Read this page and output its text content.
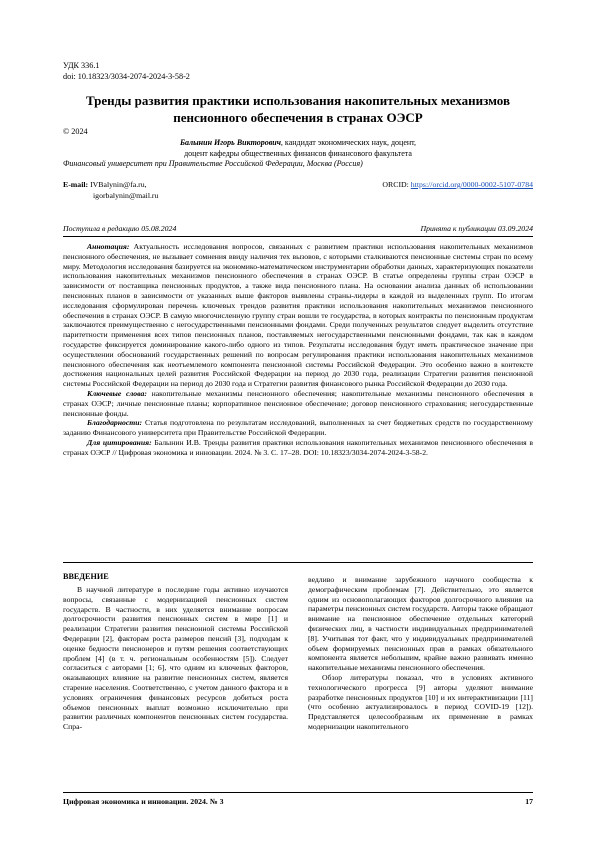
УДК 336.1
doi: 10.18323/3034-2074-2024-3-58-2
Тренды развития практики использования накопительных механизмов пенсионного обеспечения в странах ОЭСР
© 2024
Балынин Игорь Викторович, кандидат экономических наук, доцент,
доцент кафедры общественных финансов финансового факультета
Финансовый университет при Правительстве Российской Федерации, Москва (Россия)
E-mail: IVBalynin@fa.ru,
igorbalynin@mail.ru
ORCID: https://orcid.org/0000-0002-5107-0784
Поступила в редакцию 05.08.2024	Принята к публикации 03.09.2024

Аннотация: Актуальность исследования вопросов, связанных с развитием практики использования накопительных механизмов пенсионного обеспечения, не вызывает сомнения ввиду наличия тех вызовов, с которыми сталкиваются пенсионные системы стран по всему миру. Методология исследования базируется на экономико-математическом инструментарии обработки данных, характеризующих показатели использования накопительных механизмов пенсионного обеспечения в странах ОЭСР. В статье определены группы стран ОЭСР в зависимости от поставщика пенсионных продуктов, а также вида пенсионного плана. На основании анализа данных об использовании пенсионных планов в зависимости от указанных выше факторов выявлены страны-лидеры в каждой из выделенных групп. По итогам исследования сформулирован перечень ключевых трендов развития практики использования накопительных механизмов пенсионного обеспечения в странах ОЭСР. В самую многочисленную группу стран вошли те государства, в которых контракты по пенсионным продуктам заключаются преимущественно с негосударственными пенсионными фондами. Среди полученных результатов следует выделить отсутствие паритетности применения всех типов пенсионных планов, поставляемых негосударственными пенсионными фондами, так как в каждом государстве фиксируется доминирование какого-либо одного из типов. Результаты исследования будут иметь практическое значение при осуществлении обоснований государственных решений по вопросам регулирования практики использования накопительных механизмов пенсионного обеспечения как неотъемлемого компонента пенсионной системы Российской Федерации. Это особенно важно в контексте достижения национальных целей развития Российской Федерации на период до 2030 года, реализации Стратегии развития пенсионной системы Российской Федерации на период до 2030 года и Стратегии развития финансового рынка Российской Федерации до 2030 года.

Ключевые слова: накопительные механизмы пенсионного обеспечения; накопительные механизмы пенсионного обеспечения в странах ОЭСР; личные пенсионные планы; корпоративное пенсионное обеспечение; договор пенсионного страхования; негосударственные пенсионные фонды.

Благодарности: Статья подготовлена по результатам исследований, выполненных за счет бюджетных средств по государственному заданию Финансового университета при Правительстве Российской Федерации.

Для цитирования: Балынин И.В. Тренды развития практики использования накопительных механизмов пенсионного обеспечения в странах ОЭСР // Цифровая экономика и инновации. 2024. № 3. С. 17–28. DOI: 10.18323/3034-2074-2024-3-58-2.

ВВЕДЕНИЕ

В научной литературе в последние годы активно изучаются вопросы, связанные с модернизацией пенсионных систем государств. В частности, в них уделяется внимание вопросам долгосрочности развития пенсионных систем в мире [1] и реализации Стратегии развития пенсионной системы Российской Федерации [2], факторам роста размеров пенсий [3], подходам к оценке бедности пенсионеров и путям решения соответствующих проблем [4] (в т. ч. региональным особенностям [5]). Следует согласиться с авторами [1; 6], что одним из ключевых факторов, оказывающих влияние на развитие пенсионных систем, является старение населения. Соответственно, с учетом данного фактора и в условиях ограничения финансовых ресурсов добиться роста объемов пенсионных выплат возможно исключительно при развитии различных компонентов пенсионных систем государства. Спра-

ведливо и внимание зарубежного научного сообщества к демографическим проблемам [7]. Действительно, это является одним из основополагающих факторов долгосрочного влияния на параметры пенсионных систем государств. Авторы также обращают внимание на пенсионное обеспечение отдельных категорий физических лиц, в частности индивидуальных предпринимателей [8]. Учитывая тот факт, что у индивидуальных предпринимателей объем формируемых пенсионных прав в рамках обязательного компонента является небольшим, крайне важно развивать именно накопительные механизмы пенсионного обеспечения.

Обзор литературы показал, что в условиях активного технологического прогресса [9] авторы уделяют внимание разработке пенсионных продуктов [10] и их интерактивизации [11] (что особенно актуализировалось в период COVID-19 [12]). Представляется целесообразным их применение в рамках модернизации накопительного

Цифровая экономика и инновации. 2024. № 3	17
